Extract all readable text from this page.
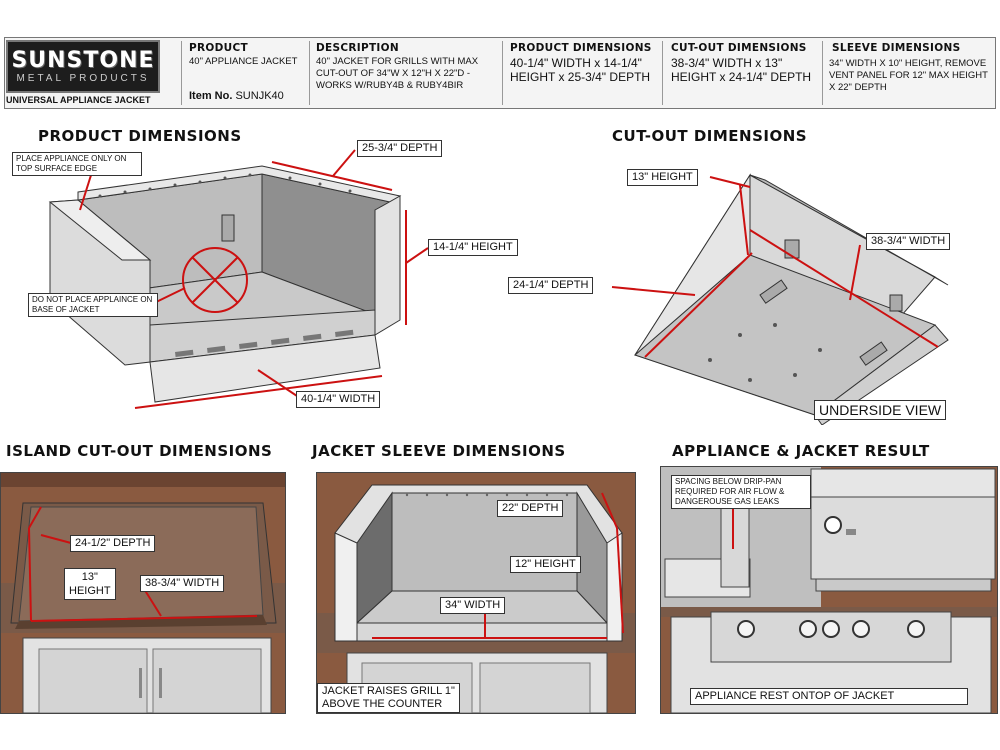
SUNSTONE
METAL PRODUCTS
UNIVERSAL APPLIANCE JACKET
PRODUCT
40" APPLIANCE JACKET
Item No. SUNJK40
DESCRIPTION
40" JACKET FOR GRILLS WITH MAX CUT-OUT OF 34"W X 12"H X 22"D - WORKS W/RUBY4B & RUBY4BIR
PRODUCT DIMENSIONS
40-1/4" WIDTH x 14-1/4" HEIGHT x 25-3/4" DEPTH
CUT-OUT DIMENSIONS
38-3/4" WIDTH x 13" HEIGHT x 24-1/4" DEPTH
SLEEVE DIMENSIONS
34" WIDTH X 10" HEIGHT, REMOVE VENT PANEL FOR 12" MAX HEIGHT X 22" DEPTH
PRODUCT DIMENSIONS
PLACE APPLIANCE ONLY ON TOP SURFACE EDGE
DO NOT PLACE APPLAINCE ON BASE OF JACKET
25-3/4" DEPTH
14-1/4" HEIGHT
40-1/4" WIDTH
CUT-OUT DIMENSIONS
13" HEIGHT
38-3/4" WIDTH
24-1/4" DEPTH
UNDERSIDE VIEW
ISLAND CUT-OUT DIMENSIONS
24-1/2" DEPTH
13"
HEIGHT
38-3/4" WIDTH
JACKET SLEEVE DIMENSIONS
22" DEPTH
12" HEIGHT
34" WIDTH
JACKET RAISES GRILL 1"
ABOVE THE COUNTER
APPLIANCE & JACKET RESULT
SPACING BELOW DRIP-PAN REQUIRED FOR AIR FLOW & DANGEROUSE GAS LEAKS
APPLIANCE REST ONTOP OF JACKET
